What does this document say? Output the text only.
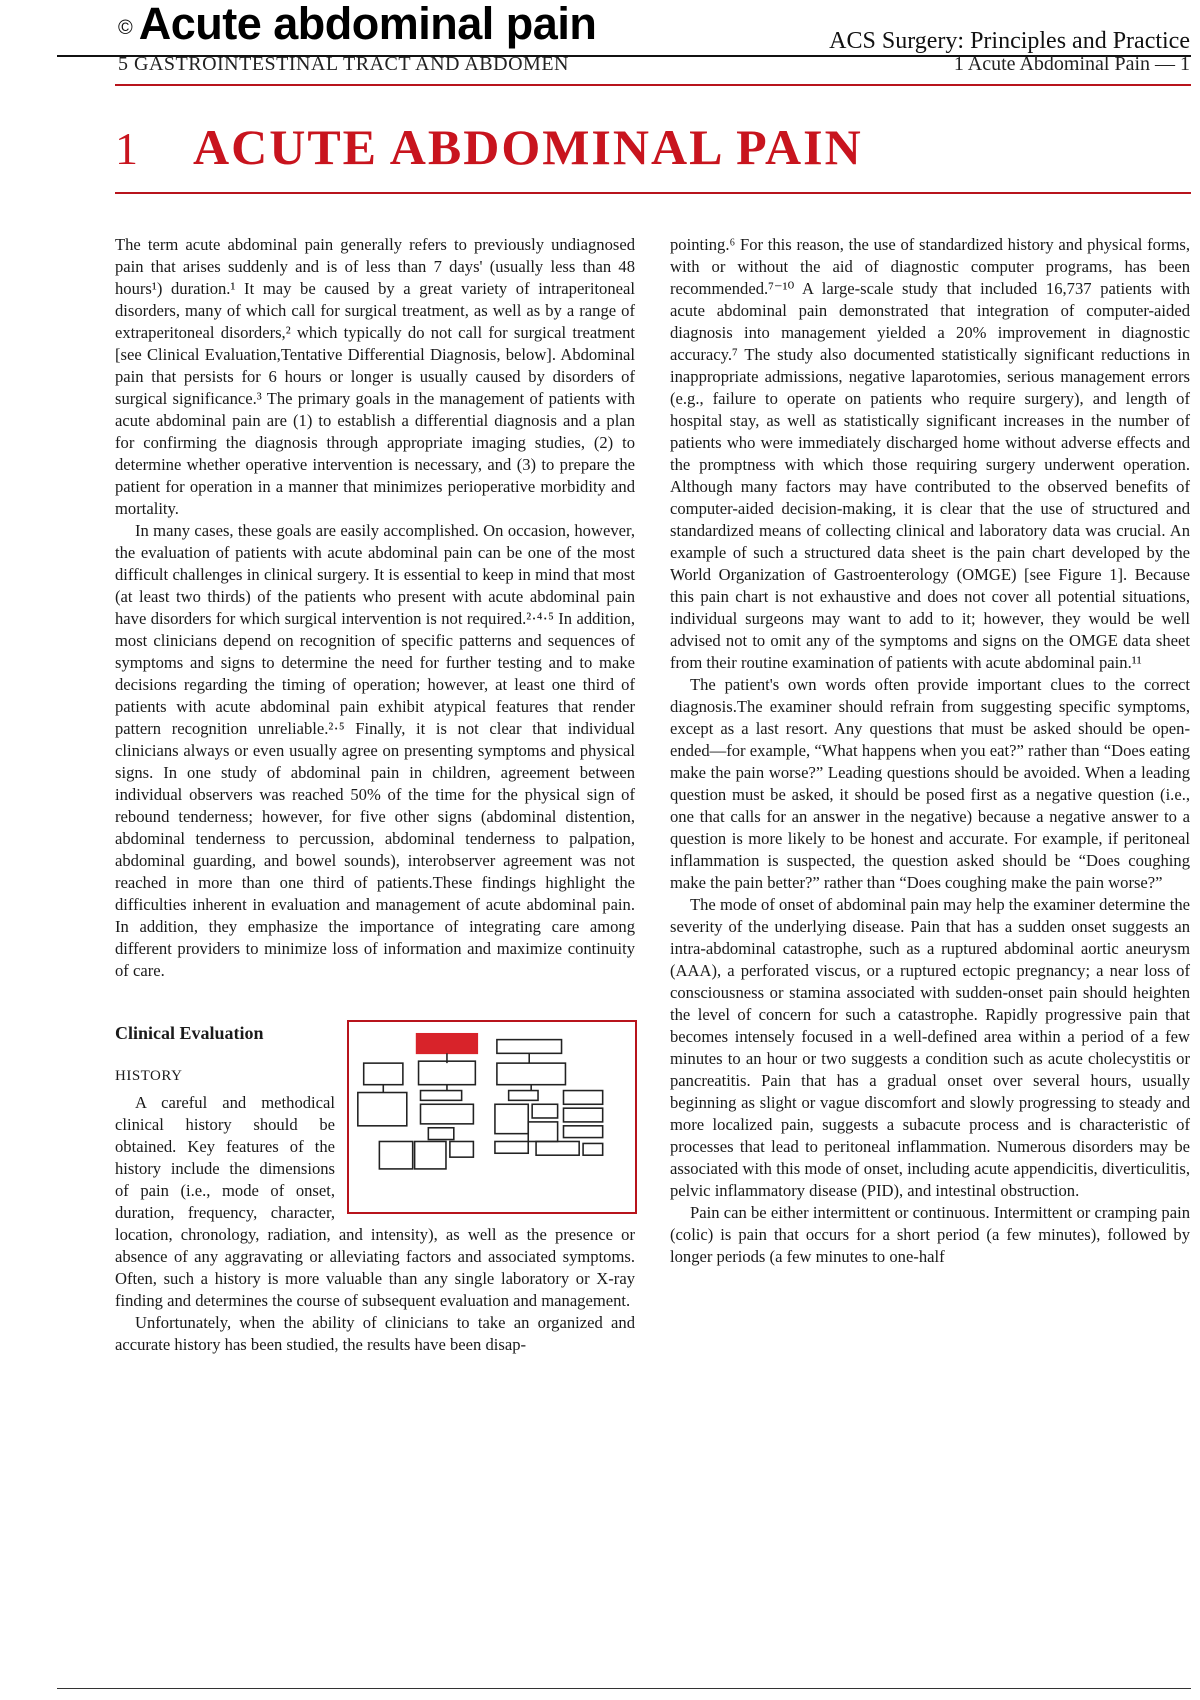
© Acute abdominal pain
5 GASTROINTESTINAL TRACT AND ABDOMEN
ACS Surgery: Principles and Practice
1 Acute Abdominal Pain — 1
1	ACUTE ABDOMINAL PAIN

The term acute abdominal pain generally refers to previously undiagnosed pain that arises suddenly and is of less than 7 days' (usually less than 48 hours¹) duration.¹ It may be caused by a great variety of intraperitoneal disorders, many of which call for surgical treatment, as well as by a range of extraperitoneal disorders,² which typically do not call for surgical treatment [see Clinical Evaluation,Tentative Differential Diagnosis, below]. Abdominal pain that persists for 6 hours or longer is usually caused by disorders of surgical significance.³ The primary goals in the management of patients with acute abdominal pain are (1) to establish a differential diagnosis and a plan for confirming the diagnosis through appropriate imaging studies, (2) to determine whether operative intervention is necessary, and (3) to prepare the patient for operation in a manner that minimizes perioperative morbidity and mortality.

In many cases, these goals are easily accomplished. On occasion, however, the evaluation of patients with acute abdominal pain can be one of the most difficult challenges in clinical surgery. It is essential to keep in mind that most (at least two thirds) of the patients who present with acute abdominal pain have disorders for which surgical intervention is not required.²·⁴·⁵ In addition, most clinicians depend on recognition of specific patterns and sequences of symptoms and signs to determine the need for further testing and to make decisions regarding the timing of operation; however, at least one third of patients with acute abdominal pain exhibit atypical features that render pattern recognition unreliable.²·⁵ Finally, it is not clear that individual clinicians always or even usually agree on presenting symptoms and physical signs. In one study of abdominal pain in children, agreement between individual observers was reached 50% of the time for the physical sign of rebound tenderness; however, for five other signs (abdominal distention, abdominal tenderness to percussion, abdominal tenderness to palpation, abdominal guarding, and bowel sounds), interobserver agreement was not reached in more than one third of patients.These findings highlight the difficulties inherent in evaluation and management of acute abdominal pain. In addition, they emphasize the importance of integrating care among different providers to minimize loss of information and maximize continuity of care.

Clinical Evaluation
HISTORY

A careful and methodical clinical history should be obtained. Key features of the history include the dimensions of pain (i.e., mode of onset, duration, frequency, character, location, chronology, radiation, and intensity), as well as the presence or absence of any aggravating or alleviating factors and associated symptoms. Often, such a history is more valuable than any single laboratory or X-ray finding and determines the course of subsequent evaluation and management.

Unfortunately, when the ability of clinicians to take an organized and accurate history has been studied, the results have been disap-

pointing.⁶ For this reason, the use of standardized history and physical forms, with or without the aid of diagnostic computer programs, has been recommended.⁷⁻¹⁰ A large-scale study that included 16,737 patients with acute abdominal pain demonstrated that integration of computer-aided diagnosis into management yielded a 20% improvement in diagnostic accuracy.⁷ The study also documented statistically significant reductions in inappropriate admissions, negative laparotomies, serious management errors (e.g., failure to operate on patients who require surgery), and length of hospital stay, as well as statistically significant increases in the number of patients who were immediately discharged home without adverse effects and the promptness with which those requiring surgery underwent operation. Although many factors may have contributed to the observed benefits of computer-aided decision-making, it is clear that the use of structured and standardized means of collecting clinical and laboratory data was crucial. An example of such a structured data sheet is the pain chart developed by the World Organization of Gastroenterology (OMGE) [see Figure 1]. Because this pain chart is not exhaustive and does not cover all potential situations, individual surgeons may want to add to it; however, they would be well advised not to omit any of the symptoms and signs on the OMGE data sheet from their routine examination of patients with acute abdominal pain.¹¹

The patient's own words often provide important clues to the correct diagnosis.The examiner should refrain from suggesting specific symptoms, except as a last resort. Any questions that must be asked should be open-ended—for example, “What happens when you eat?” rather than “Does eating make the pain worse?” Leading questions should be avoided. When a leading question must be asked, it should be posed first as a negative question (i.e., one that calls for an answer in the negative) because a negative answer to a question is more likely to be honest and accurate. For example, if peritoneal inflammation is suspected, the question asked should be “Does coughing make the pain better?” rather than “Does coughing make the pain worse?”

The mode of onset of abdominal pain may help the examiner determine the severity of the underlying disease. Pain that has a sudden onset suggests an intra-abdominal catastrophe, such as a ruptured abdominal aortic aneurysm (AAA), a perforated viscus, or a ruptured ectopic pregnancy; a near loss of consciousness or stamina associated with sudden-onset pain should heighten the level of concern for such a catastrophe. Rapidly progressive pain that becomes intensely focused in a well-defined area within a period of a few minutes to an hour or two suggests a condition such as acute cholecystitis or pancreatitis. Pain that has a gradual onset over several hours, usually beginning as slight or vague discomfort and slowly progressing to steady and more localized pain, suggests a subacute process and is characteristic of processes that lead to peritoneal inflammation. Numerous disorders may be associated with this mode of onset, including acute appendicitis, diverticulitis, pelvic inflammatory disease (PID), and intestinal obstruction.

Pain can be either intermittent or continuous. Intermittent or cramping pain (colic) is pain that occurs for a short period (a few minutes), followed by longer periods (a few minutes to one-half
